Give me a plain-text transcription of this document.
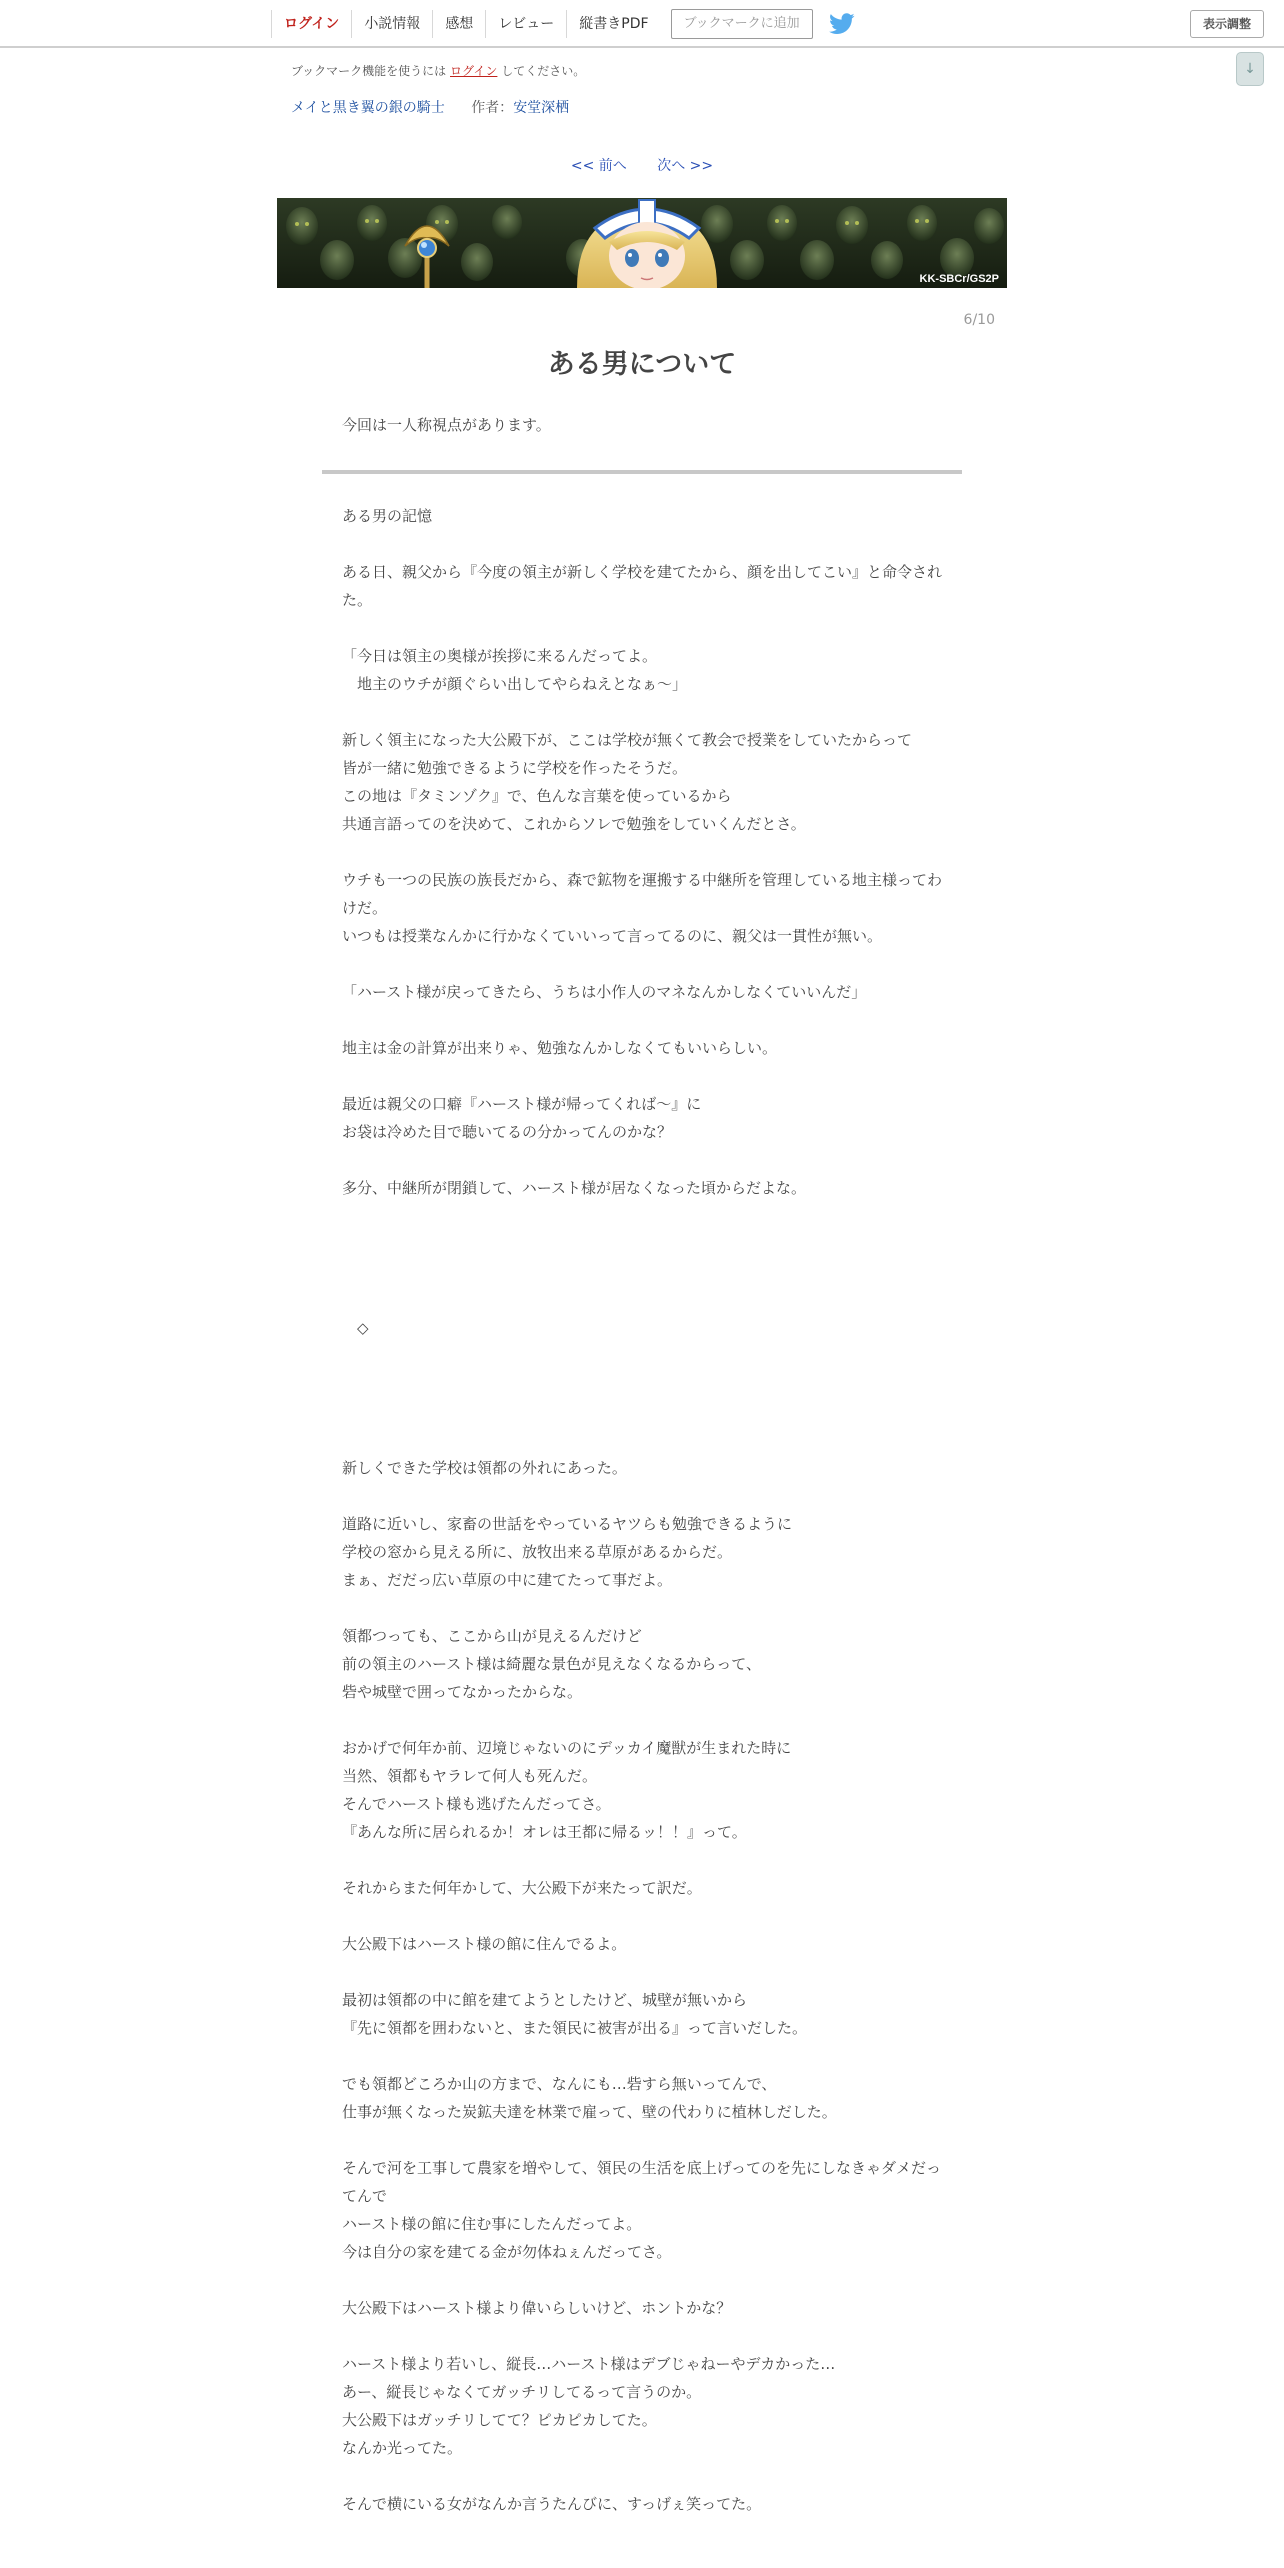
ログイン	小説情報	感想	レビュー	縦書きPDF	ブックマークに追加	表示調整
↓
ブックマーク機能を使うには ログイン してください。
メイと黒き翼の銀の騎士 作者：安堂深栖
<< 前へ 次へ >>
KK-SBCr/GS2P
6/10
ある男について
今回は一人称視点があります。

ある男の記憶

ある日、親父から『今度の領主が新しく学校を建てたから、顔を出してこい』と命令された。

「今日は領主の奥様が挨拶に来るんだってよ。

　地主のウチが顔ぐらい出してやらねえとなぁ～」

新しく領主になった大公殿下が、ここは学校が無くて教会で授業をしていたからって

皆が一緒に勉強できるように学校を作ったそうだ。

この地は『タミンゾク』で、色んな言葉を使っているから

共通言語ってのを決めて、これからソレで勉強をしていくんだとさ。

ウチも一つの民族の族長だから、森で鉱物を運搬する中継所を管理している地主様ってわけだ。

いつもは授業なんかに行かなくていいって言ってるのに、親父は一貫性が無い。

「ハースト様が戻ってきたら、うちは小作人のマネなんかしなくていいんだ」

地主は金の計算が出来りゃ、勉強なんかしなくてもいいらしい。

最近は親父の口癖『ハースト様が帰ってくれば～』に

お袋は冷めた目で聴いてるの分かってんのかな？

多分、中継所が閉鎖して、ハースト様が居なくなった頃からだよな。

　◇

新しくできた学校は領都の外れにあった。

道路に近いし、家畜の世話をやっているヤツらも勉強できるように

学校の窓から見える所に、放牧出来る草原があるからだ。

まぁ、だだっ広い草原の中に建てたって事だよ。

領都つっても、ここから山が見えるんだけど

前の領主のハースト様は綺麗な景色が見えなくなるからって、

砦や城壁で囲ってなかったからな。

おかげで何年か前、辺境じゃないのにデッカイ魔獣が生まれた時に

当然、領都もヤラレて何人も死んだ。

そんでハースト様も逃げたんだってさ。

『あんな所に居られるか！オレは王都に帰るッ！！』って。

それからまた何年かして、大公殿下が来たって訳だ。

大公殿下はハースト様の館に住んでるよ。

最初は領都の中に館を建てようとしたけど、城壁が無いから

『先に領都を囲わないと、また領民に被害が出る』って言いだした。

でも領都どころか山の方まで、なんにも…砦すら無いってんで、

仕事が無くなった炭鉱夫達を林業で雇って、壁の代わりに植林しだした。

そんで河を工事して農家を増やして、領民の生活を底上げってのを先にしなきゃダメだってんで

ハースト様の館に住む事にしたんだってよ。

今は自分の家を建てる金が勿体ねぇんだってさ。

大公殿下はハースト様より偉いらしいけど、ホントかな？

ハースト様より若いし、縦長…ハースト様はデブじゃねーやデカかった…

あー、縦長じゃなくてガッチリしてるって言うのか。

大公殿下はガッチリしてて？ピカピカしてた。

なんか光ってた。

そんで横にいる女がなんか言うたんびに、すっげぇ笑ってた。
